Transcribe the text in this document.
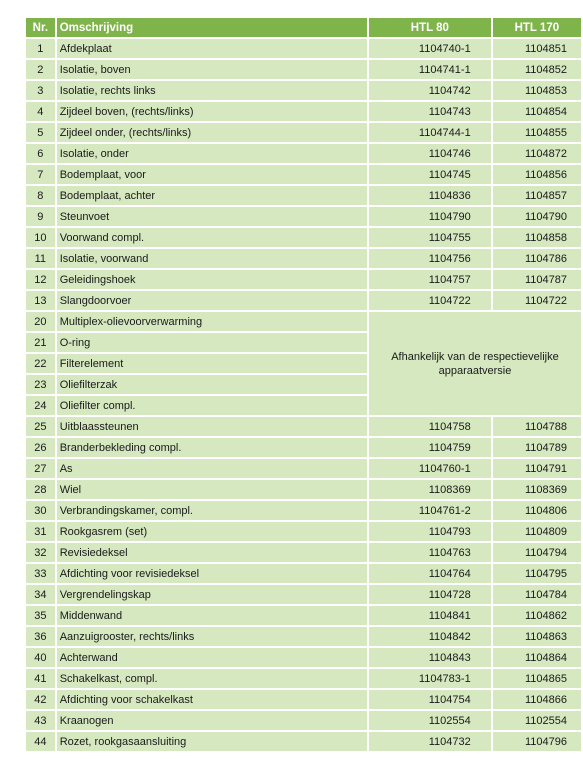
Nr.	Omschrijving	HTL 80	HTL 170
1	Afdekplaat	1104740-1	1104851
2	Isolatie, boven	1104741-1	1104852
3	Isolatie, rechts links	1104742	1104853
4	Zijdeel boven, (rechts/links)	1104743	1104854
5	Zijdeel onder, (rechts/links)	1104744-1	1104855
6	Isolatie, onder	1104746	1104872
7	Bodemplaat, voor	1104745	1104856
8	Bodemplaat, achter	1104836	1104857
9	Steunvoet	1104790	1104790
10	Voorwand compl.	1104755	1104858
11	Isolatie, voorwand	1104756	1104786
12	Geleidingshoek	1104757	1104787
13	Slangdoorvoer	1104722	1104722
20	Multiplex-olievoorverwarming	Afhankelijk van de respectievelijke apparaatversie	
21	O-ring		
22	Filterelement		
23	Oliefilterzak		
24	Oliefilter compl.		
25	Uitblaassteunen	1104758	1104788
26	Branderbekleding compl.	1104759	1104789
27	As	1104760-1	1104791
28	Wiel	1108369	1108369
30	Verbrandingskamer, compl.	1104761-2	1104806
31	Rookgasrem (set)	1104793	1104809
32	Revisiedeksel	1104763	1104794
33	Afdichting voor revisiedeksel	1104764	1104795
34	Vergrendelingskap	1104728	1104784
35	Middenwand	1104841	1104862
36	Aanzuigrooster, rechts/links	1104842	1104863
40	Achterwand	1104843	1104864
41	Schakelkast, compl.	1104783-1	1104865
42	Afdichting voor schakelkast	1104754	1104866
43	Kraanogen	1102554	1102554
44	Rozet, rookgasaansluiting	1104732	1104796
